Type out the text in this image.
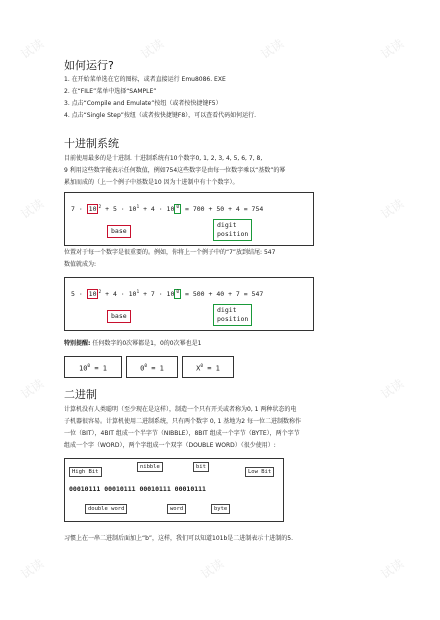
试读	试读	试读	试读
试读	试读
试读	试读
试读	试读	试读
如何运行?
1. 在开始菜单选在它的图标，或者直接运行 Emu8086. EXE
2. 在“FILE”菜单中选择“SAMPLE”
3. 点击“Compile and Emulate”按纽（或者按快捷键F5）
4. 点击“Single Step”按纽（或者按快捷键F8），可以查看代码如何运行.
十进制系统
目前使用最多的是十进制. 十进制系统有10个数字0, 1, 2, 3, 4, 5, 6, 7, 8,
9 利用这些数字能表示任何数值，例如754这些数字是由每一位数字乘以“基数”的幂
累加而成的（上一个例子中基数是10 因为十进制中有十个数字）。
7 · 10 $^2 + 5 \cdot 10^1 + 4 \cdot 10$ $^0$ = 700 + 50 + 4 = 754
base
digit
position
位置对于每一个数字是很重要的。例如，你将上一个例子中的“7”放到结尾: 547
数值就成为:
5 · 10 $^2 + 4 \cdot 10^1 + 7 \cdot 10$ $^0$ = 500 + 40 + 7 = 547
base
digit
position
特别提醒: 任何数字的0次幂都是1，0的0次幂也是1
$10^0 = 1$	$0^0 = 1$	$X^0 = 1$
二进制
计算机没有人类聪明（至少现在是这样），制造一个只有开关或者称为0, 1 两种状态的电
子机器很容易。计算机使用二进制系统，只有两个数字 0, 1 基地为2 每一位二进制数称作
一位（BIT），4BIT 组成一个半字节（NIBBLE），8BIT 组成一个字节（BYTE），两个字节
组成一个字（WORD），两个字组成一个双字（DOUBLE WORD）（很少使用）:
High Bit
nibble	bit
Low Bit
00010111 00010111 00010111 00010111
double word	word	byte
习惯上在一串二进制后面加上“b”，这样，我们可以知道101b是二进制表示十进制的5.
